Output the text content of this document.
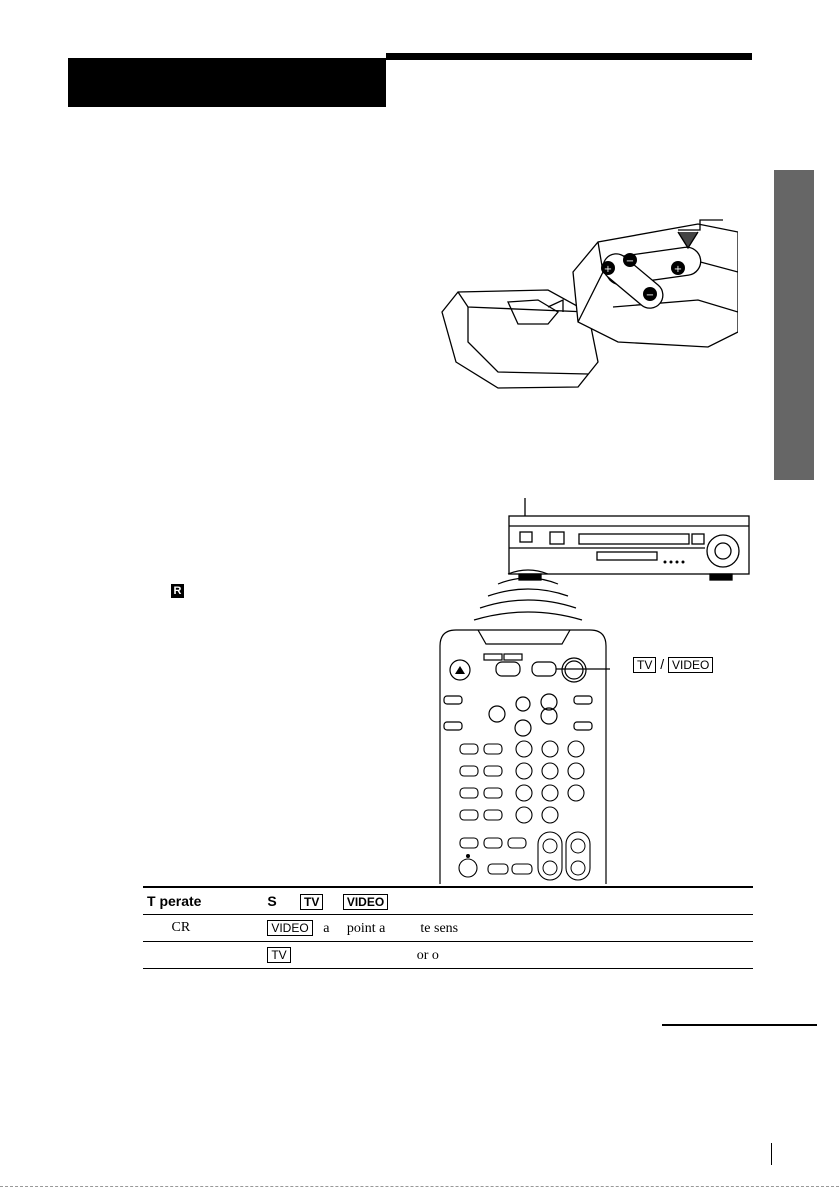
+
−
+
−
TV / VIDEO
R
T perate	S TV VIDEO
CR	VIDEO   a     point a          te sens
	TV                                    or o
